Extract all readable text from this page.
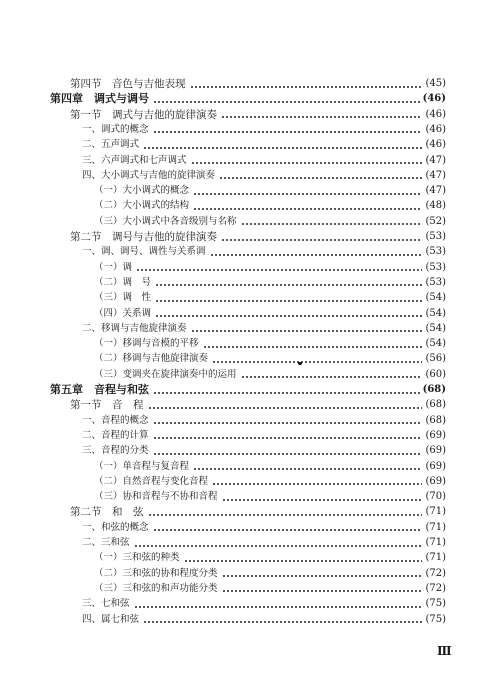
第四节　音色与吉他表现	(45)
第四章　调式与调号	(46)
第一节　调式与吉他的旋律演奏	(46)
一、调式的概念	(46)
二、五声调式	(46)
三、六声调式和七声调式	(47)
四、大小调式与吉他的旋律演奏	(47)
（一）大小调式的概念	(47)
（二）大小调式的结构	(48)
（三）大小调式中各音级别与名称	(52)
第二节　调号与吉他的旋律演奏	(53)
一、调、调号、调性与关系调	(53)
（一）调	(53)
（二）调　号	(53)
（三）调　性	(54)
（四）关系调	(54)
二、移调与吉他旋律演奏	(54)
（一）移调与音模的平移	(54)
（二）移调与吉他旋律演奏	(56)
（三）变调夹在旋律演奏中的运用	(60)
第五章　音程与和弦	(68)
第一节　音　程	(68)
一、音程的概念	(68)
二、音程的计算	(69)
三、音程的分类	(69)
（一）单音程与复音程	(69)
（二）自然音程与变化音程	(69)
（三）协和音程与不协和音程	(70)
第二节　和　弦	(71)
一、和弦的概念	(71)
二、三和弦	(71)
（一）三和弦的种类	(71)
（二）三和弦的协和程度分类	(72)
（三）三和弦的和声功能分类	(72)
三、七和弦	(75)
四、属七和弦	(75)
Ⅲ
